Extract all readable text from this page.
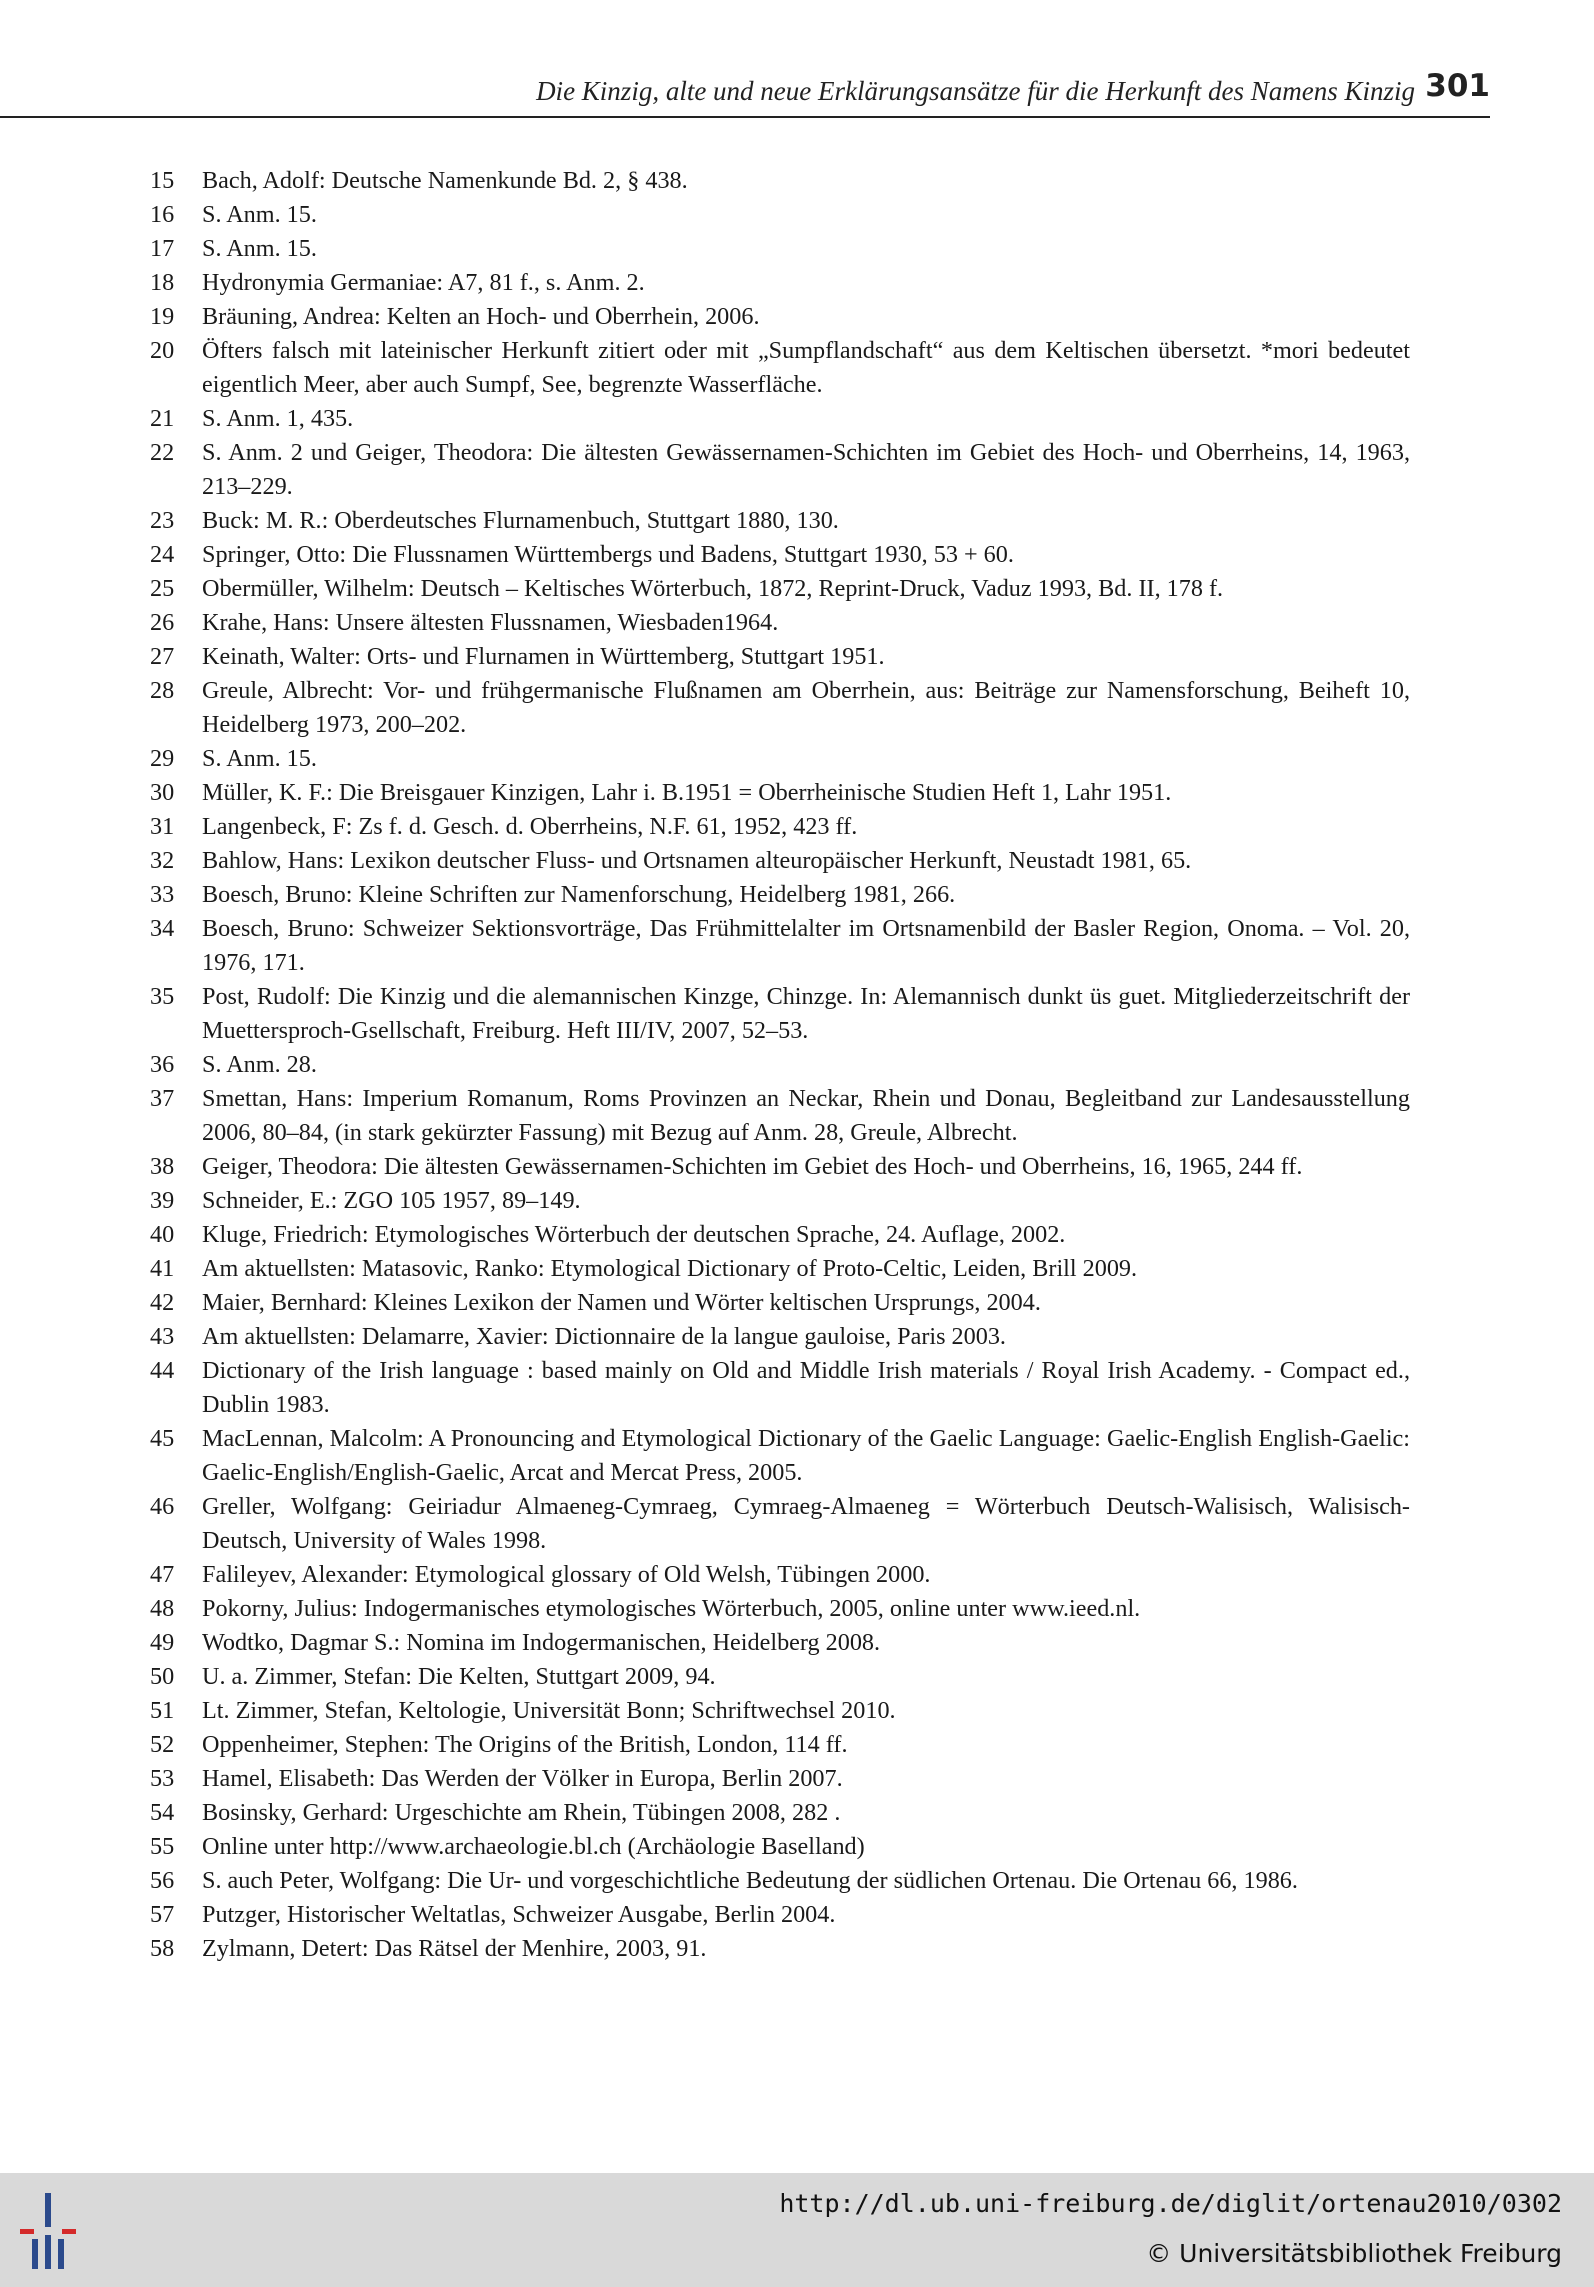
Die Kinzig, alte und neue Erklärungsansätze für die Herkunft des Namens Kinzig 301
15	Bach, Adolf: Deutsche Namenkunde Bd. 2, § 438.
16	S. Anm. 15.
17	S. Anm. 15.
18	Hydronymia Germaniae: A7, 81 f., s. Anm. 2.
19	Bräuning, Andrea: Kelten an Hoch- und Oberrhein, 2006.
20	Öfters falsch mit lateinischer Herkunft zitiert oder mit „Sumpflandschaft“ aus dem Keltischen übersetzt. *mori bedeutet eigentlich Meer, aber auch Sumpf, See, begrenzte Wasserfläche.
21	S. Anm. 1, 435.
22	S. Anm. 2 und Geiger, Theodora: Die ältesten Gewässernamen-Schichten im Gebiet des Hoch- und Oberrheins, 14, 1963, 213–229.
23	Buck: M. R.: Oberdeutsches Flurnamenbuch, Stuttgart 1880, 130.
24	Springer, Otto: Die Flussnamen Württembergs und Badens, Stuttgart 1930, 53 + 60.
25	Obermüller, Wilhelm: Deutsch – Keltisches Wörterbuch, 1872, Reprint-Druck, Vaduz 1993, Bd. II, 178 f.
26	Krahe, Hans: Unsere ältesten Flussnamen, Wiesbaden1964.
27	Keinath, Walter: Orts- und Flurnamen in Württemberg, Stuttgart 1951.
28	Greule, Albrecht: Vor- und frühgermanische Flußnamen am Oberrhein, aus: Beiträge zur Namensforschung, Beiheft 10, Heidelberg 1973, 200–202.
29	S. Anm. 15.
30	Müller, K. F.: Die Breisgauer Kinzigen, Lahr i. B.1951 = Oberrheinische Studien Heft 1, Lahr 1951.
31	Langenbeck, F: Zs f. d. Gesch. d. Oberrheins, N.F. 61, 1952, 423 ff.
32	Bahlow, Hans: Lexikon deutscher Fluss- und Ortsnamen alteuropäischer Herkunft, Neustadt 1981, 65.
33	Boesch, Bruno: Kleine Schriften zur Namenforschung, Heidelberg 1981, 266.
34	Boesch, Bruno: Schweizer Sektionsvorträge, Das Frühmittelalter im Ortsnamenbild der Basler Region, Onoma. – Vol. 20, 1976, 171.
35	Post, Rudolf: Die Kinzig und die alemannischen Kinzge, Chinzge. In: Alemannisch dunkt üs guet. Mitgliederzeitschrift der Muettersproch-Gsellschaft, Freiburg. Heft III/IV, 2007, 52–53.
36	S. Anm. 28.
37	Smettan, Hans: Imperium Romanum, Roms Provinzen an Neckar, Rhein und Donau, Begleitband zur Landesausstellung 2006, 80–84, (in stark gekürzter Fassung) mit Bezug auf Anm. 28, Greule, Albrecht.
38	Geiger, Theodora: Die ältesten Gewässernamen-Schichten im Gebiet des Hoch- und Oberrheins, 16, 1965, 244 ff.
39	Schneider, E.: ZGO 105 1957, 89–149.
40	Kluge, Friedrich: Etymologisches Wörterbuch der deutschen Sprache, 24. Auflage, 2002.
41	Am aktuellsten: Matasovic, Ranko: Etymological Dictionary of Proto-Celtic, Leiden, Brill 2009.
42	Maier, Bernhard: Kleines Lexikon der Namen und Wörter keltischen Ursprungs, 2004.
43	Am aktuellsten: Delamarre, Xavier: Dictionnaire de la langue gauloise, Paris 2003.
44	Dictionary of the Irish language : based mainly on Old and Middle Irish materials / Royal Irish Academy. - Compact ed., Dublin 1983.
45	MacLennan, Malcolm: A Pronouncing and Etymological Dictionary of the Gaelic Language: Gaelic-English English-Gaelic: Gaelic-English/English-Gaelic, Arcat and Mercat Press, 2005.
46	Greller, Wolfgang: Geiriadur Almaeneg-Cymraeg, Cymraeg-Almaeneg = Wörterbuch Deutsch-Walisisch, Walisisch-Deutsch, University of Wales 1998.
47	Falileyev, Alexander: Etymological glossary of Old Welsh, Tübingen 2000.
48	Pokorny, Julius: Indogermanisches etymologisches Wörterbuch, 2005, online unter www.ieed.nl.
49	Wodtko, Dagmar S.: Nomina im Indogermanischen, Heidelberg 2008.
50	U. a. Zimmer, Stefan: Die Kelten, Stuttgart 2009, 94.
51	Lt. Zimmer, Stefan, Keltologie, Universität Bonn; Schriftwechsel 2010.
52	Oppenheimer, Stephen: The Origins of the British, London, 114 ff.
53	Hamel, Elisabeth: Das Werden der Völker in Europa, Berlin 2007.
54	Bosinsky, Gerhard: Urgeschichte am Rhein, Tübingen 2008, 282 .
55	Online unter http://www.archaeologie.bl.ch (Archäologie Baselland)
56	S. auch Peter, Wolfgang: Die Ur- und vorgeschichtliche Bedeutung der südlichen Ortenau. Die Ortenau 66, 1986.
57	Putzger, Historischer Weltatlas, Schweizer Ausgabe, Berlin 2004.
58	Zylmann, Detert: Das Rätsel der Menhire, 2003, 91.
http://dl.ub.uni-freiburg.de/diglit/ortenau2010/0302
© Universitätsbibliothek Freiburg
